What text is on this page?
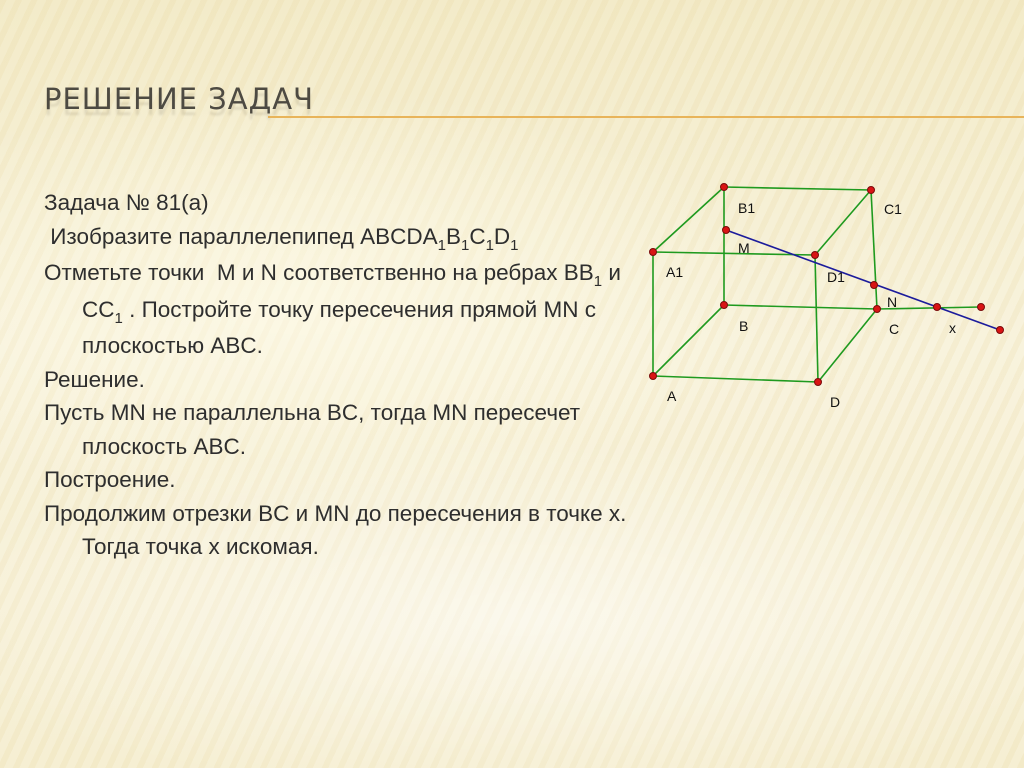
РЕШЕНИЕ ЗАДАЧ

Задача № 81(а)

Изобразите параллелепипед $ABCDA_1B_1C_1D_1$

Отметьте точки  M и N соответственно на ребрах $BB_1$ и $CC_1$ . Постройте точку пересечения прямой MN с плоскостью ABC.

Решение.

Пусть MN не параллельна BC, тогда MN пересечет плоскость ABC.

Построение.

Продолжим отрезки BC и MN до пересечения в точке x. Тогда точка x искомая.

B1	C1
M
A1	D1
N
B	C	x
A	D
